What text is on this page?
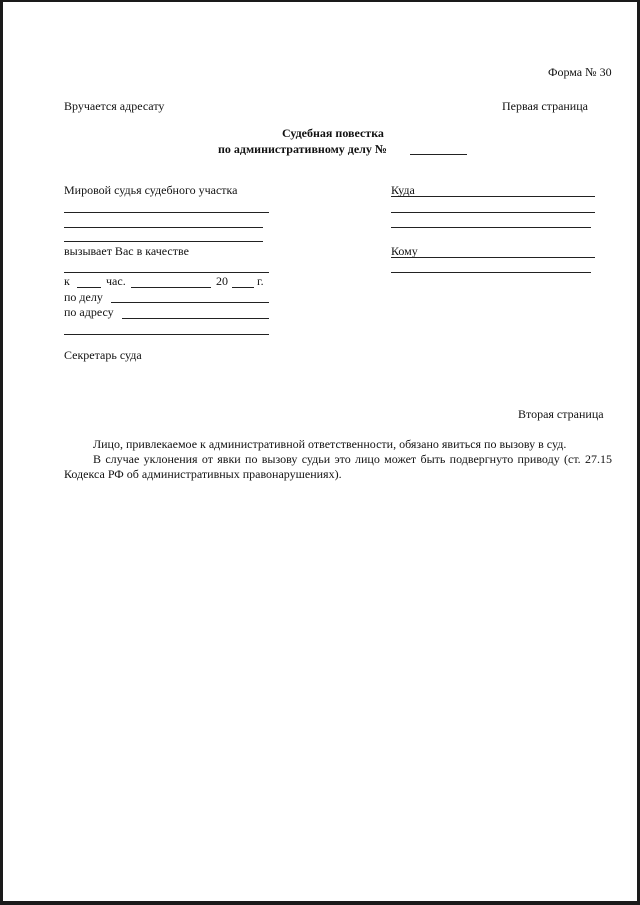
Форма № 30
Вручается адресату	Первая страница
Судебная повестка
по административному делу №
Мировой судья судебного участка
вызывает Вас в качестве
к	час.	20 г.
по делу
по адресу
Секретарь суда
Куда
Кому
Вторая страница

Лицо, привлекаемое к административной ответственности, обязано явиться по вызову в суд.

В случае уклонения от явки по вызову судьи это лицо может быть подвергнуто приводу (ст. 27.15 Кодекса РФ об административных правонарушениях).
